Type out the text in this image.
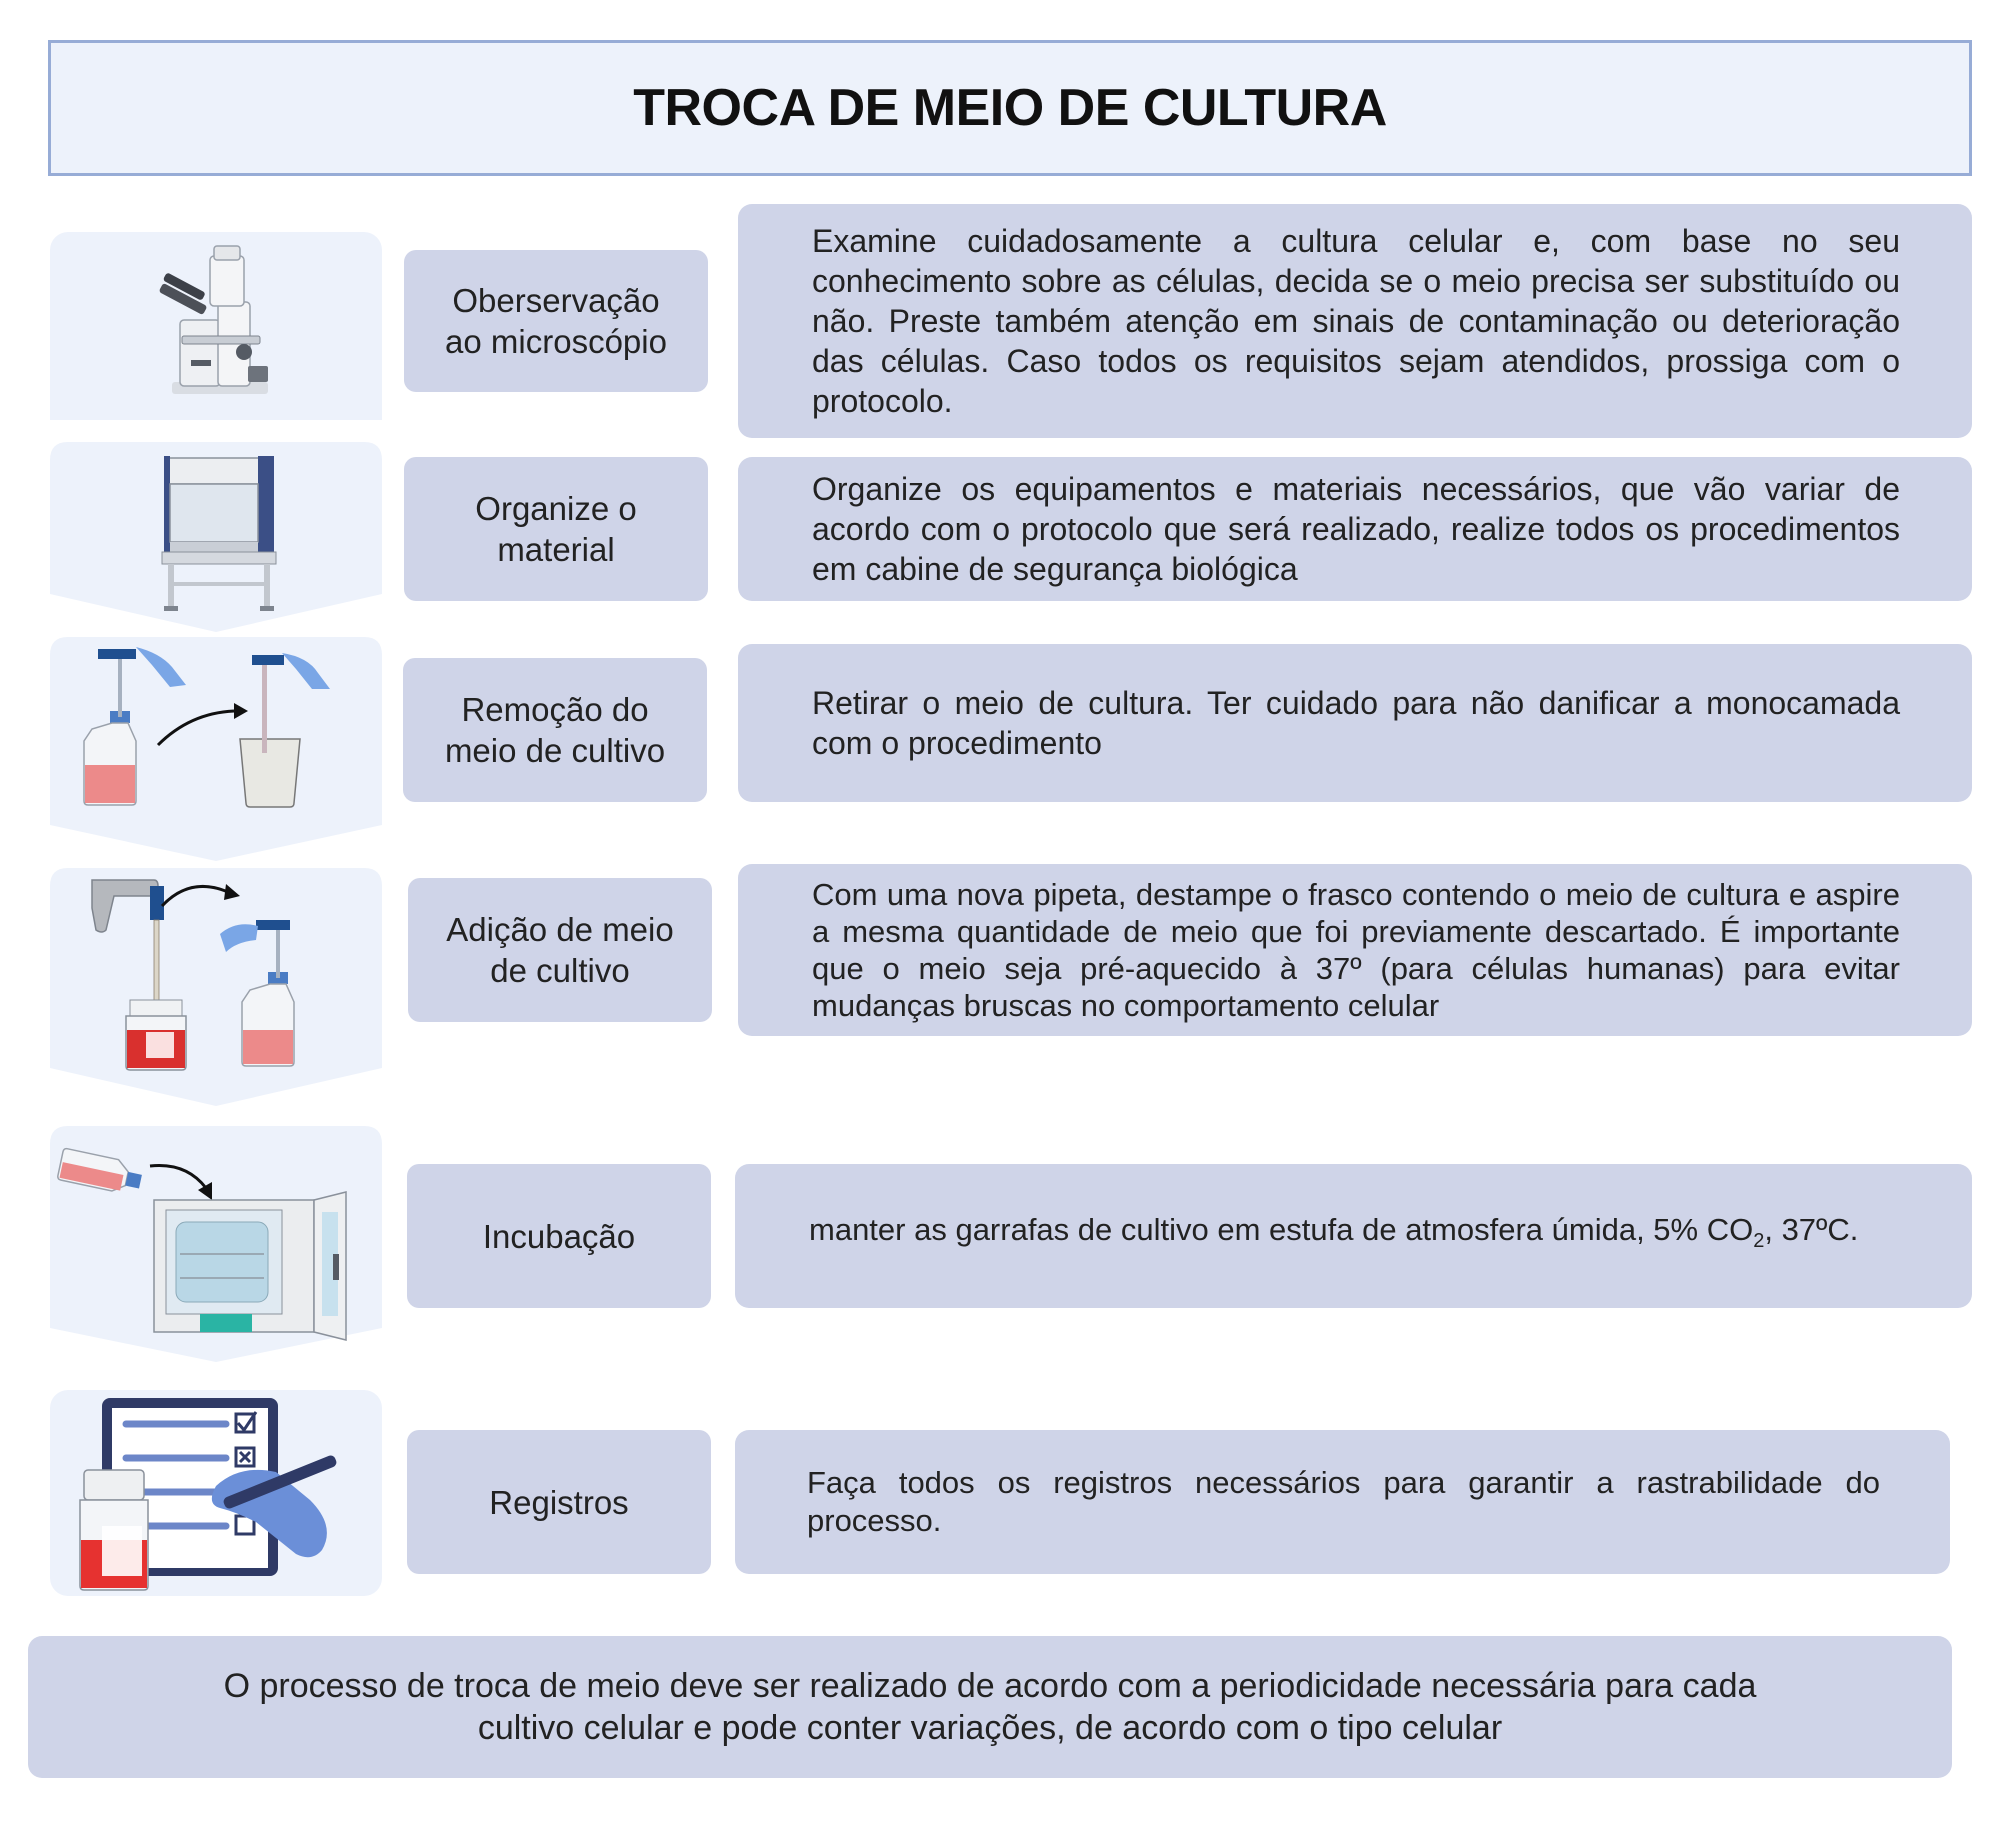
TROCA DE MEIO DE CULTURA
Oberservação
ao microscópio

Examine cuidadosamente a cultura celular e, com base no seu conhecimento sobre as células, decida se o meio precisa ser substituído ou não. Preste também atenção em sinais de contaminação ou deterioração das células. Caso todos os requisitos sejam atendidos, prossiga com o protocolo.

Organize o
material

Organize os equipamentos e materiais necessários, que vão variar de acordo com o protocolo que será realizado, realize todos os procedimentos em cabine de segurança biológica

Remoção do
meio de cultivo

Retirar o meio de cultura. Ter cuidado para não danificar a monocamada com o procedimento

Adição de meio
de cultivo

Com uma nova pipeta, destampe o frasco contendo o meio de cultura e aspire a mesma quantidade de meio que foi previamente descartado. É importante que o meio seja pré-aquecido à 37º (para células humanas) para evitar mudanças bruscas no comportamento celular

Incubação	manter as garrafas de cultivo em estufa de atmosfera úmida, 5% $CO_2$, 37ºC.

Registros

Faça todos os registros necessários para garantir a rastrabilidade do processo.

O processo de troca de meio deve ser realizado de acordo com a periodicidade necessária para cada cultivo celular e pode conter variações, de acordo com o tipo celular
